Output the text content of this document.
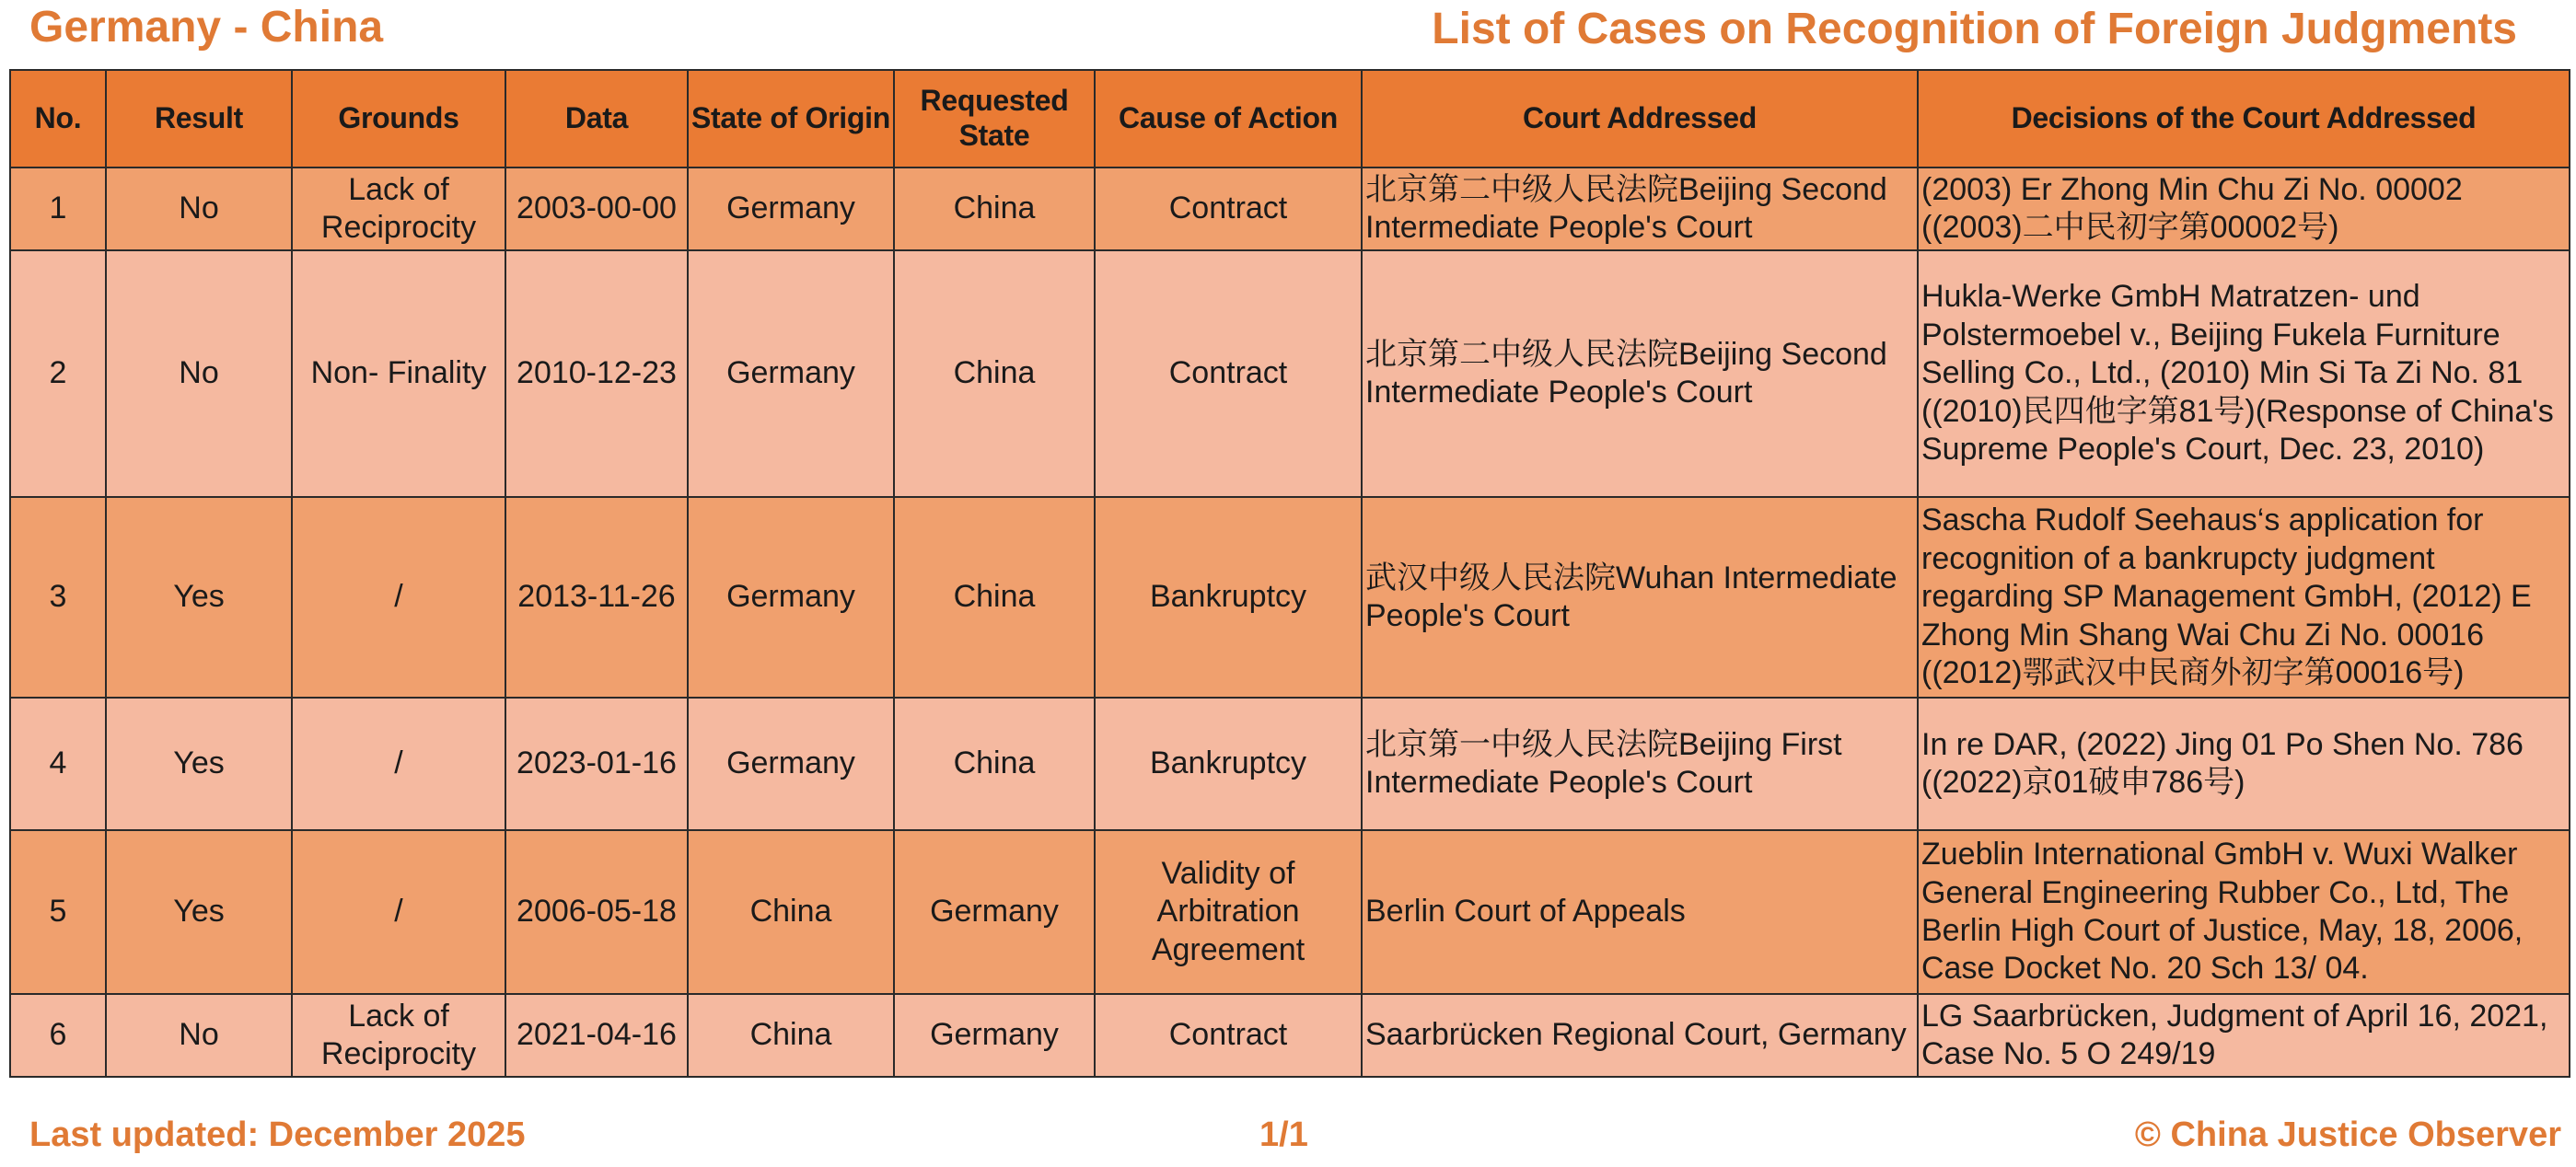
Germany - China	List of Cases on Recognition of Foreign Judgments
No.	Result	Grounds	Data	State of Origin	Requested State	Cause of Action	Court Addressed	Decisions of the Court Addressed
1	No	Lack of Reciprocity	2003-00-00	Germany	China	Contract	北京第二中级人民法院Beijing Second Intermediate People's Court	(2003) Er Zhong Min Chu Zi No. 00002 ((2003)二中民初字第00002号)
2	No	Non- Finality	2010-12-23	Germany	China	Contract	北京第二中级人民法院Beijing Second Intermediate People's Court	Hukla-Werke GmbH Matratzen- und Polstermoebel v., Beijing Fukela Furniture Selling Co., Ltd., (2010) Min Si Ta Zi No. 81 ((2010)民四他字第81号)(Response of China's Supreme People's Court, Dec. 23, 2010)
3	Yes	/	2013-11-26	Germany	China	Bankruptcy	武汉中级人民法院Wuhan Intermediate People's Court	Sascha Rudolf Seehaus‘s application for recognition of a bankrupcty judgment regarding SP Management GmbH, (2012) E Zhong Min Shang Wai Chu Zi No. 00016 ((2012)鄂武汉中民商外初字第00016号)
4	Yes	/	2023-01-16	Germany	China	Bankruptcy	北京第一中级人民法院Beijing First Intermediate People's Court	In re DAR, (2022) Jing 01 Po Shen No. 786 ((2022)京01破申786号)
5	Yes	/	2006-05-18	China	Germany	Validity of Arbitration Agreement	Berlin Court of Appeals	Zueblin International GmbH v. Wuxi Walker General Engineering Rubber Co., Ltd, The Berlin High Court of Justice, May, 18, 2006, Case Docket No. 20 Sch 13/ 04.
6	No	Lack of Reciprocity	2021-04-16	China	Germany	Contract	Saarbrücken Regional Court, Germany	LG Saarbrücken, Judgment of April 16, 2021, Case No. 5 O 249/19
Last updated: December 2025	1/1	© China Justice Observer
